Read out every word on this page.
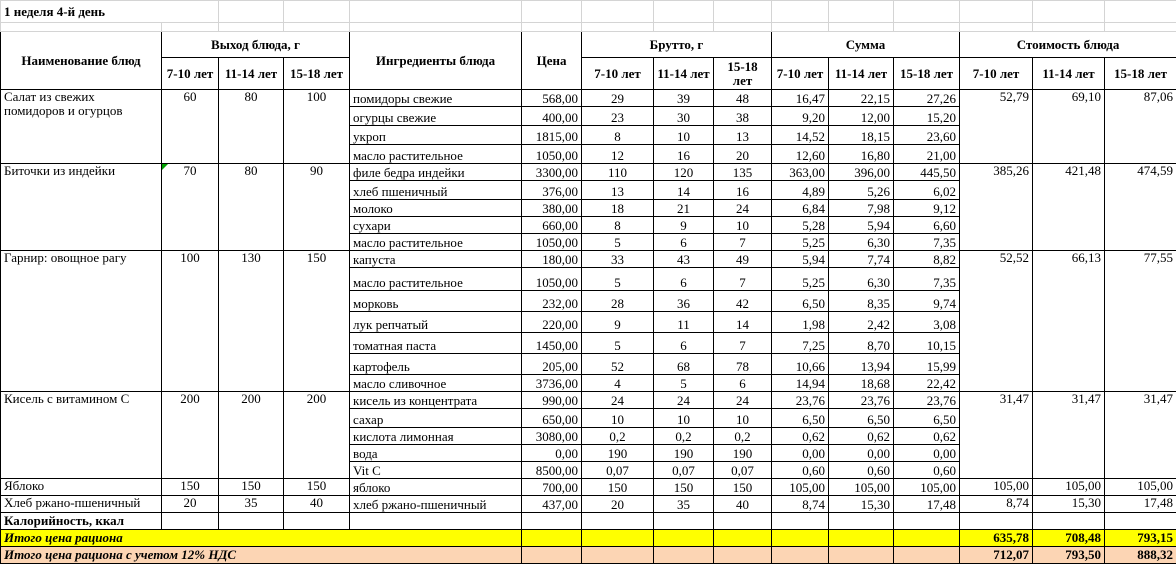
1 неделя 4-й день														

Наименование блюд	Выход блюда, г			Ингредиенты блюда	Цена	Брутто, г			Сумма			Стоимость блюда		
	7-10 лет	11-14 лет	15-18 лет			7-10 лет	11-14 лет	15-18 лет	7-10 лет	11-14 лет	15-18 лет	7-10 лет	11-14 лет	15-18 лет
Салат из свежих помидоров и огурцов	60	80	100	помидоры свежие	568,00	29	39	48	16,47	22,15	27,26	52,79	69,10	87,06
				огурцы свежие	400,00	23	30	38	9,20	12,00	15,20			
				укроп	1815,00	8	10	13	14,52	18,15	23,60			
				масло растительное	1050,00	12	16	20	12,60	16,80	21,00			
Биточки из индейки	70	80	90	филе бедра индейки	3300,00	110	120	135	363,00	396,00	445,50	385,26	421,48	474,59
				хлеб пшеничный	376,00	13	14	16	4,89	5,26	6,02			
				молоко	380,00	18	21	24	6,84	7,98	9,12			
				сухари	660,00	8	9	10	5,28	5,94	6,60			
				масло растительное	1050,00	5	6	7	5,25	6,30	7,35			
Гарнир: овощное рагу	100	130	150	капуста	180,00	33	43	49	5,94	7,74	8,82	52,52	66,13	77,55
				масло растительное	1050,00	5	6	7	5,25	6,30	7,35			
				морковь	232,00	28	36	42	6,50	8,35	9,74			
				лук репчатый	220,00	9	11	14	1,98	2,42	3,08			
				томатная паста	1450,00	5	6	7	7,25	8,70	10,15			
				картофель	205,00	52	68	78	10,66	13,94	15,99			
				масло сливочное	3736,00	4	5	6	14,94	18,68	22,42			
Кисель с витамином С	200	200	200	кисель из концентрата	990,00	24	24	24	23,76	23,76	23,76	31,47	31,47	31,47
				сахар	650,00	10	10	10	6,50	6,50	6,50			
				кислота лимонная	3080,00	0,2	0,2	0,2	0,62	0,62	0,62			
				вода	0,00	190	190	190	0,00	0,00	0,00			
				Vit C	8500,00	0,07	0,07	0,07	0,60	0,60	0,60			
Яблоко	150	150	150	яблоко	700,00	150	150	150	105,00	105,00	105,00	105,00	105,00	105,00
Хлеб ржано-пшеничный	20	35	40	хлеб ржано-пшеничный	437,00	20	35	40	8,74	15,30	17,48	8,74	15,30	17,48
Калорийность, ккал														
Итого цена рациона												635,78	708,48	793,15
Итого цена рациона с учетом 12% НДС												712,07	793,50	888,32
